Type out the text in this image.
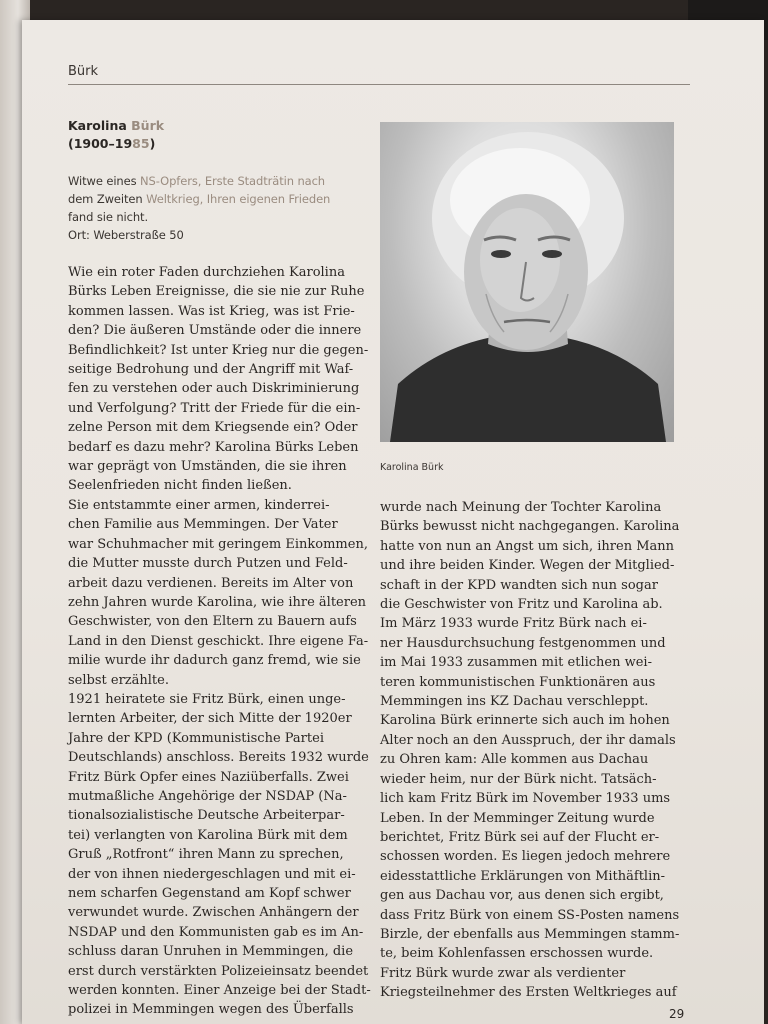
Bürk
Karolina Bürk
(1900–1985)
Witwe eines NS-Opfers, Erste Stadträtin nach
dem Zweiten Weltkrieg, Ihren eigenen Frieden
fand sie nicht.
Ort: Weberstraße 50
Karolina Bürk
Wie ein roter Faden durchziehen Karolina
Bürks Leben Ereignisse, die sie nie zur Ruhe
kommen lassen. Was ist Krieg, was ist Frie-
den? Die äußeren Umstände oder die innere
Befindlichkeit? Ist unter Krieg nur die gegen-
seitige Bedrohung und der Angriff mit Waf-
fen zu verstehen oder auch Diskriminierung
und Verfolgung? Tritt der Friede für die ein-
zelne Person mit dem Kriegsende ein? Oder
bedarf es dazu mehr? Karolina Bürks Leben
war geprägt von Umständen, die sie ihren
Seelenfrieden nicht finden ließen.
Sie entstammte einer armen, kinderrei-
chen Familie aus Memmingen. Der Vater
war Schuhmacher mit geringem Einkommen,
die Mutter musste durch Putzen und Feld-
arbeit dazu verdienen. Bereits im Alter von
zehn Jahren wurde Karolina, wie ihre älteren
Geschwister, von den Eltern zu Bauern aufs
Land in den Dienst geschickt. Ihre eigene Fa-
milie wurde ihr dadurch ganz fremd, wie sie
selbst erzählte.
1921 heiratete sie Fritz Bürk, einen unge-
lernten Arbeiter, der sich Mitte der 1920er
Jahre der KPD (Kommunistische Partei
Deutschlands) anschloss. Bereits 1932 wurde
Fritz Bürk Opfer eines Naziüberfalls. Zwei
mutmaßliche Angehörige der NSDAP (Na-
tionalsozialistische Deutsche Arbeiterpar-
tei) verlangten von Karolina Bürk mit dem
Gruß „Rotfront“ ihren Mann zu sprechen,
der von ihnen niedergeschlagen und mit ei-
nem scharfen Gegenstand am Kopf schwer
verwundet wurde. Zwischen Anhängern der
NSDAP und den Kommunisten gab es im An-
schluss daran Unruhen in Memmingen, die
erst durch verstärkten Polizeieinsatz beendet
werden konnten. Einer Anzeige bei der Stadt-
polizei in Memmingen wegen des Überfalls
wurde nach Meinung der Tochter Karolina
Bürks bewusst nicht nachgegangen. Karolina
hatte von nun an Angst um sich, ihren Mann
und ihre beiden Kinder. Wegen der Mitglied-
schaft in der KPD wandten sich nun sogar
die Geschwister von Fritz und Karolina ab.
Im März 1933 wurde Fritz Bürk nach ei-
ner Hausdurchsuchung festgenommen und
im Mai 1933 zusammen mit etlichen wei-
teren kommunistischen Funktionären aus
Memmingen ins KZ Dachau verschleppt.
Karolina Bürk erinnerte sich auch im hohen
Alter noch an den Ausspruch, der ihr damals
zu Ohren kam: Alle kommen aus Dachau
wieder heim, nur der Bürk nicht. Tatsäch-
lich kam Fritz Bürk im November 1933 ums
Leben. In der Memminger Zeitung wurde
berichtet, Fritz Bürk sei auf der Flucht er-
schossen worden. Es liegen jedoch mehrere
eidesstattliche Erklärungen von Mithäftlin-
gen aus Dachau vor, aus denen sich ergibt,
dass Fritz Bürk von einem SS-Posten namens
Birzle, der ebenfalls aus Memmingen stamm-
te, beim Kohlenfassen erschossen wurde.
Fritz Bürk wurde zwar als verdienter
Kriegsteilnehmer des Ersten Weltkrieges auf
29
